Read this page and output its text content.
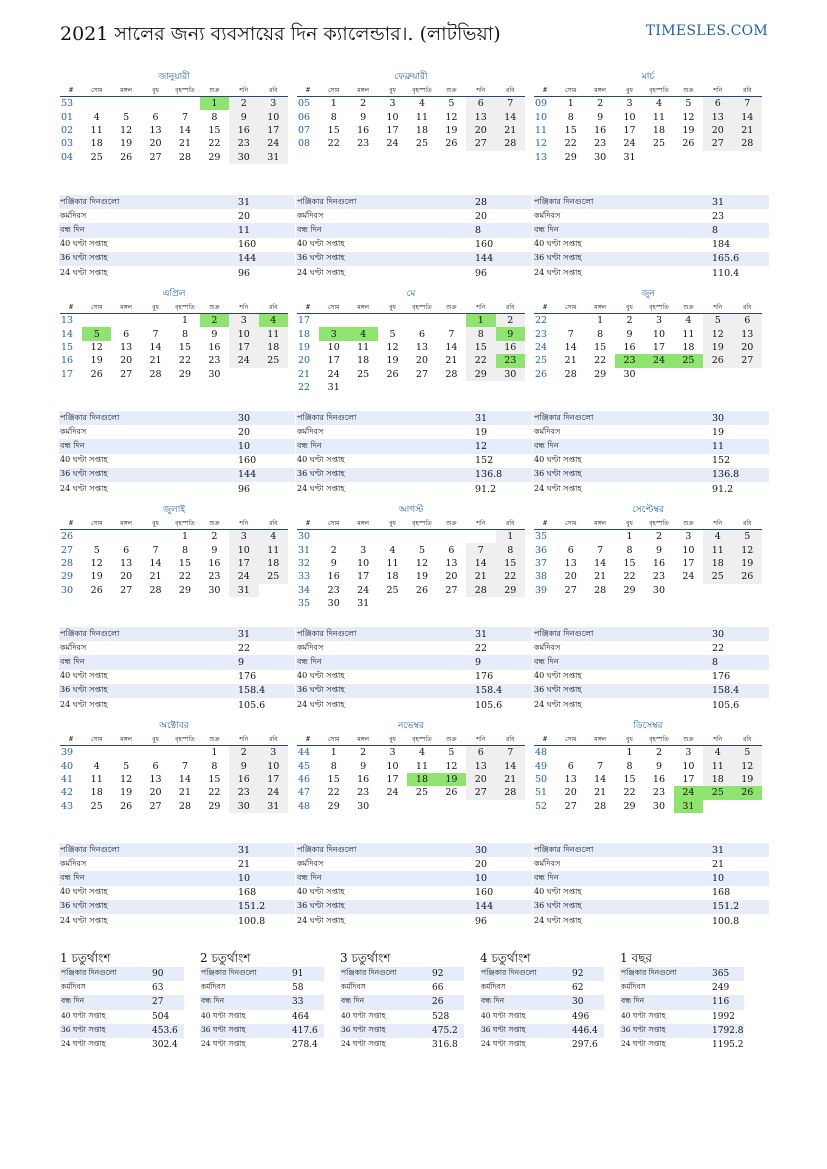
2021 সালের জন্য ব্যবসায়ের দিন ক্যালেন্ডার।. (লাটভিয়া)	TIMESLES.COM
জানুয়ারী
#	সোম	মঙ্গল	বুধ	বৃহস্পতি	শুক্র	শনি	রবি
53					1	2	3
01	4	5	6	7	8	9	10
02	11	12	13	14	15	16	17
03	18	19	20	21	22	23	24
04	25	26	27	28	29	30	31
পঞ্জিকার দিনগুলো	31
কর্মদিবস	20
বন্ধ দিন	11
40 ঘণ্টা সপ্তাহ	160
36 ঘণ্টা সপ্তাহ	144
24 ঘণ্টা সপ্তাহ	96
ফেব্রুয়ারী
#	সোম	মঙ্গল	বুধ	বৃহস্পতি	শুক্র	শনি	রবি
05	1	2	3	4	5	6	7
06	8	9	10	11	12	13	14
07	15	16	17	18	19	20	21
08	22	23	24	25	26	27	28
পঞ্জিকার দিনগুলো	28
কর্মদিবস	20
বন্ধ দিন	8
40 ঘণ্টা সপ্তাহ	160
36 ঘণ্টা সপ্তাহ	144
24 ঘণ্টা সপ্তাহ	96
মার্চ
#	সোম	মঙ্গল	বুধ	বৃহস্পতি	শুক্র	শনি	রবি
09	1	2	3	4	5	6	7
10	8	9	10	11	12	13	14
11	15	16	17	18	19	20	21
12	22	23	24	25	26	27	28
13	29	30	31				
পঞ্জিকার দিনগুলো	31
কর্মদিবস	23
বন্ধ দিন	8
40 ঘণ্টা সপ্তাহ	184
36 ঘণ্টা সপ্তাহ	165.6
24 ঘণ্টা সপ্তাহ	110.4
এপ্রিল
#	সোম	মঙ্গল	বুধ	বৃহস্পতি	শুক্র	শনি	রবি
13				1	2	3	4
14	5	6	7	8	9	10	11
15	12	13	14	15	16	17	18
16	19	20	21	22	23	24	25
17	26	27	28	29	30		
পঞ্জিকার দিনগুলো	30
কর্মদিবস	20
বন্ধ দিন	10
40 ঘণ্টা সপ্তাহ	160
36 ঘণ্টা সপ্তাহ	144
24 ঘণ্টা সপ্তাহ	96
মে
#	সোম	মঙ্গল	বুধ	বৃহস্পতি	শুক্র	শনি	রবি
17						1	2
18	3	4	5	6	7	8	9
19	10	11	12	13	14	15	16
20	17	18	19	20	21	22	23
21	24	25	26	27	28	29	30
22	31						
পঞ্জিকার দিনগুলো	31
কর্মদিবস	19
বন্ধ দিন	12
40 ঘণ্টা সপ্তাহ	152
36 ঘণ্টা সপ্তাহ	136.8
24 ঘণ্টা সপ্তাহ	91.2
জুন
#	সোম	মঙ্গল	বুধ	বৃহস্পতি	শুক্র	শনি	রবি
22		1	2	3	4	5	6
23	7	8	9	10	11	12	13
24	14	15	16	17	18	19	20
25	21	22	23	24	25	26	27
26	28	29	30				
পঞ্জিকার দিনগুলো	30
কর্মদিবস	19
বন্ধ দিন	11
40 ঘণ্টা সপ্তাহ	152
36 ঘণ্টা সপ্তাহ	136.8
24 ঘণ্টা সপ্তাহ	91.2
জুলাই
#	সোম	মঙ্গল	বুধ	বৃহস্পতি	শুক্র	শনি	রবি
26				1	2	3	4
27	5	6	7	8	9	10	11
28	12	13	14	15	16	17	18
29	19	20	21	22	23	24	25
30	26	27	28	29	30	31	
পঞ্জিকার দিনগুলো	31
কর্মদিবস	22
বন্ধ দিন	9
40 ঘণ্টা সপ্তাহ	176
36 ঘণ্টা সপ্তাহ	158.4
24 ঘণ্টা সপ্তাহ	105.6
আগস্ট
#	সোম	মঙ্গল	বুধ	বৃহস্পতি	শুক্র	শনি	রবি
30							1
31	2	3	4	5	6	7	8
32	9	10	11	12	13	14	15
33	16	17	18	19	20	21	22
34	23	24	25	26	27	28	29
35	30	31					
পঞ্জিকার দিনগুলো	31
কর্মদিবস	22
বন্ধ দিন	9
40 ঘণ্টা সপ্তাহ	176
36 ঘণ্টা সপ্তাহ	158.4
24 ঘণ্টা সপ্তাহ	105.6
সেপ্টেম্বর
#	সোম	মঙ্গল	বুধ	বৃহস্পতি	শুক্র	শনি	রবি
35			1	2	3	4	5
36	6	7	8	9	10	11	12
37	13	14	15	16	17	18	19
38	20	21	22	23	24	25	26
39	27	28	29	30			
পঞ্জিকার দিনগুলো	30
কর্মদিবস	22
বন্ধ দিন	8
40 ঘণ্টা সপ্তাহ	176
36 ঘণ্টা সপ্তাহ	158.4
24 ঘণ্টা সপ্তাহ	105.6
অক্টোবর
#	সোম	মঙ্গল	বুধ	বৃহস্পতি	শুক্র	শনি	রবি
39					1	2	3
40	4	5	6	7	8	9	10
41	11	12	13	14	15	16	17
42	18	19	20	21	22	23	24
43	25	26	27	28	29	30	31
পঞ্জিকার দিনগুলো	31
কর্মদিবস	21
বন্ধ দিন	10
40 ঘণ্টা সপ্তাহ	168
36 ঘণ্টা সপ্তাহ	151.2
24 ঘণ্টা সপ্তাহ	100.8
নভেম্বর
#	সোম	মঙ্গল	বুধ	বৃহস্পতি	শুক্র	শনি	রবি
44	1	2	3	4	5	6	7
45	8	9	10	11	12	13	14
46	15	16	17	18	19	20	21
47	22	23	24	25	26	27	28
48	29	30					
পঞ্জিকার দিনগুলো	30
কর্মদিবস	20
বন্ধ দিন	10
40 ঘণ্টা সপ্তাহ	160
36 ঘণ্টা সপ্তাহ	144
24 ঘণ্টা সপ্তাহ	96
ডিসেম্বর
#	সোম	মঙ্গল	বুধ	বৃহস্পতি	শুক্র	শনি	রবি
48			1	2	3	4	5
49	6	7	8	9	10	11	12
50	13	14	15	16	17	18	19
51	20	21	22	23	24	25	26
52	27	28	29	30	31		
পঞ্জিকার দিনগুলো	31
কর্মদিবস	21
বন্ধ দিন	10
40 ঘণ্টা সপ্তাহ	168
36 ঘণ্টা সপ্তাহ	151.2
24 ঘণ্টা সপ্তাহ	100.8
1 চতুর্থাংশ
পঞ্জিকার দিনগুলো	90
কর্মদিবস	63
বন্ধ দিন	27
40 ঘণ্টা সপ্তাহ	504
36 ঘণ্টা সপ্তাহ	453.6
24 ঘণ্টা সপ্তাহ	302.4
2 চতুর্থাংশ
পঞ্জিকার দিনগুলো	91
কর্মদিবস	58
বন্ধ দিন	33
40 ঘণ্টা সপ্তাহ	464
36 ঘণ্টা সপ্তাহ	417.6
24 ঘণ্টা সপ্তাহ	278.4
3 চতুর্থাংশ
পঞ্জিকার দিনগুলো	92
কর্মদিবস	66
বন্ধ দিন	26
40 ঘণ্টা সপ্তাহ	528
36 ঘণ্টা সপ্তাহ	475.2
24 ঘণ্টা সপ্তাহ	316.8
4 চতুর্থাংশ
পঞ্জিকার দিনগুলো	92
কর্মদিবস	62
বন্ধ দিন	30
40 ঘণ্টা সপ্তাহ	496
36 ঘণ্টা সপ্তাহ	446.4
24 ঘণ্টা সপ্তাহ	297.6
1 বছর
পঞ্জিকার দিনগুলো	365
কর্মদিবস	249
বন্ধ দিন	116
40 ঘণ্টা সপ্তাহ	1992
36 ঘণ্টা সপ্তাহ	1792.8
24 ঘণ্টা সপ্তাহ	1195.2
